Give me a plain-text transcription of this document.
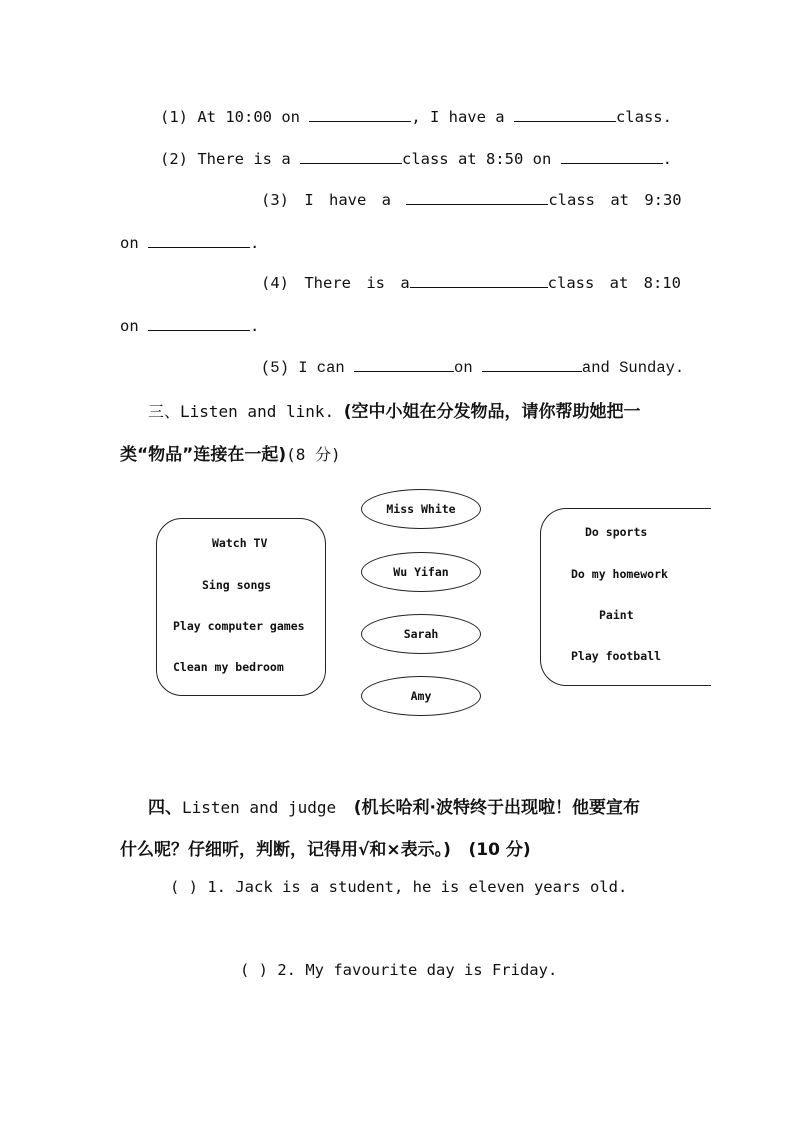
(1) At 10:00 on	, I have a	class.
(2) There is a	class at 8:50 on	.
(3) I have a	class at 9:30
on	.
(4) There is a	class at 8:10
on	.
(5) I can	on	and Sunday.
三、Listen and link. (空中小姐在分发物品，请你帮助她把一
类“物品”连接在一起)(8 分)
Watch TV
Sing songs
Play computer games
Clean my bedroom
Miss White
Wu Yifan
Sarah
Amy
Do sports
Do my homework
Paint
Play football
四、Listen and judge (机长哈利·波特终于出现啦！他要宣布
什么呢？仔细听，判断，记得用√和×表示。) (10 分)
( ) 1. Jack is a student, he is eleven years old.
( ) 2. My favourite day is Friday.
